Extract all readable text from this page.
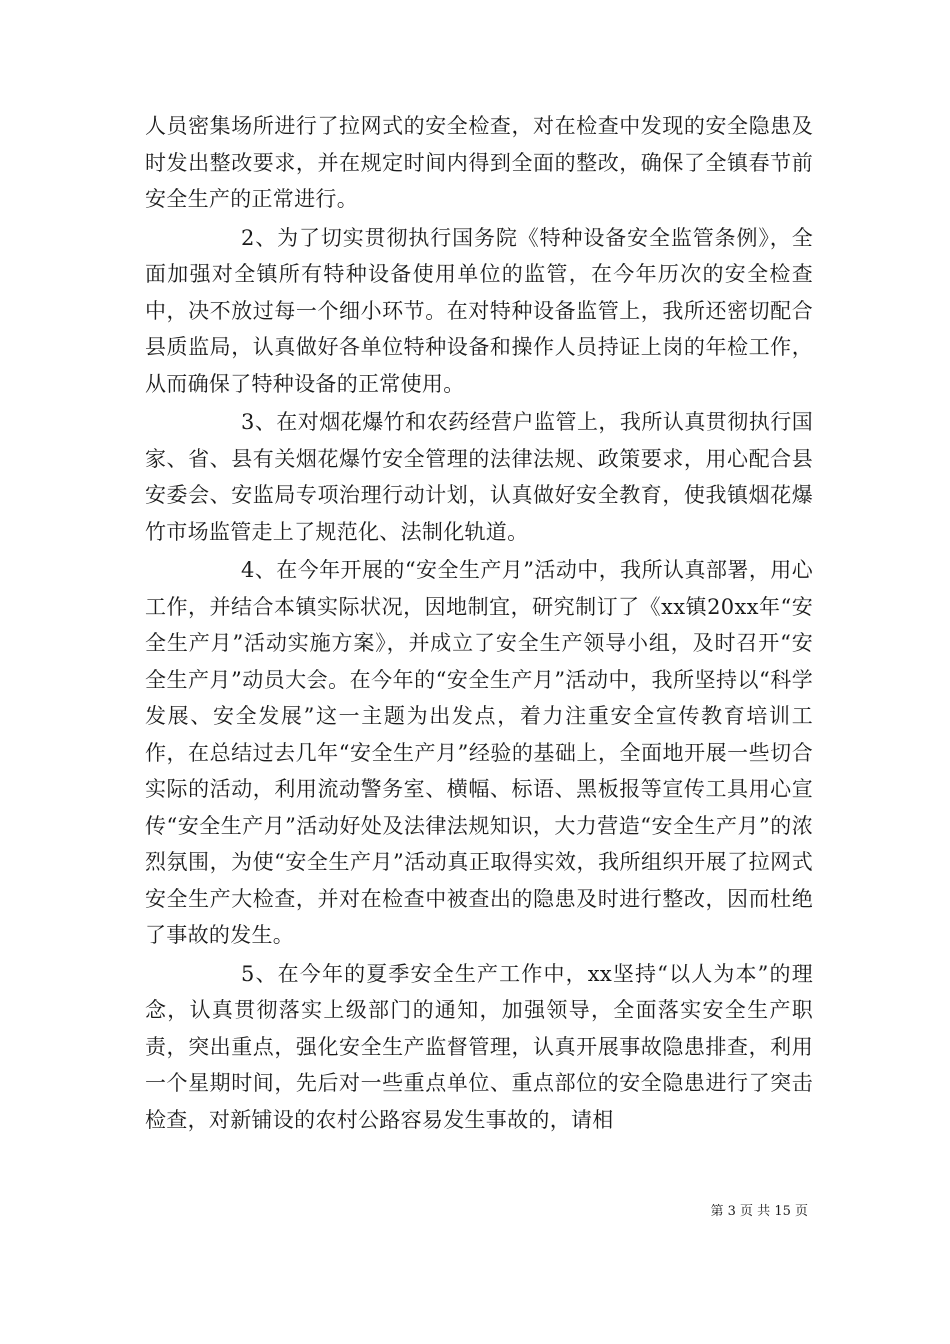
人员密集场所进行了拉网式的安全检查，对在检查中发现的安全隐患及时发出整改要求，并在规定时间内得到全面的整改，确保了全镇春节前安全生产的正常进行。

2、为了切实贯彻执行国务院《特种设备安全监管条例》，全面加强对全镇所有特种设备使用单位的监管，在今年历次的安全检查中，决不放过每一个细小环节。在对特种设备监管上，我所还密切配合县质监局，认真做好各单位特种设备和操作人员持证上岗的年检工作，从而确保了特种设备的正常使用。

3、在对烟花爆竹和农药经营户监管上，我所认真贯彻执行国家、省、县有关烟花爆竹安全管理的法律法规、政策要求，用心配合县安委会、安监局专项治理行动计划，认真做好安全教育，使我镇烟花爆竹市场监管走上了规范化、法制化轨道。

4、在今年开展的“安全生产月”活动中，我所认真部署，用心工作，并结合本镇实际状况，因地制宜，研究制订了《xx镇20xx年“安全生产月”活动实施方案》，并成立了安全生产领导小组，及时召开“安全生产月”动员大会。在今年的“安全生产月”活动中，我所坚持以“科学发展、安全发展”这一主题为出发点，着力注重安全宣传教育培训工作，在总结过去几年“安全生产月”经验的基础上，全面地开展一些切合实际的活动，利用流动警务室、横幅、标语、黑板报等宣传工具用心宣传“安全生产月”活动好处及法律法规知识，大力营造“安全生产月”的浓烈氛围，为使“安全生产月”活动真正取得实效，我所组织开展了拉网式安全生产大检查，并对在检查中被查出的隐患及时进行整改，因而杜绝了事故的发生。

5、在今年的夏季安全生产工作中，xx坚持“以人为本”的理念，认真贯彻落实上级部门的通知，加强领导，全面落实安全生产职责，突出重点，强化安全生产监督管理，认真开展事故隐患排查，利用一个星期时间，先后对一些重点单位、重点部位的安全隐患进行了突击检查，对新铺设的农村公路容易发生事故的，请相

第 3 页 共 15 页
